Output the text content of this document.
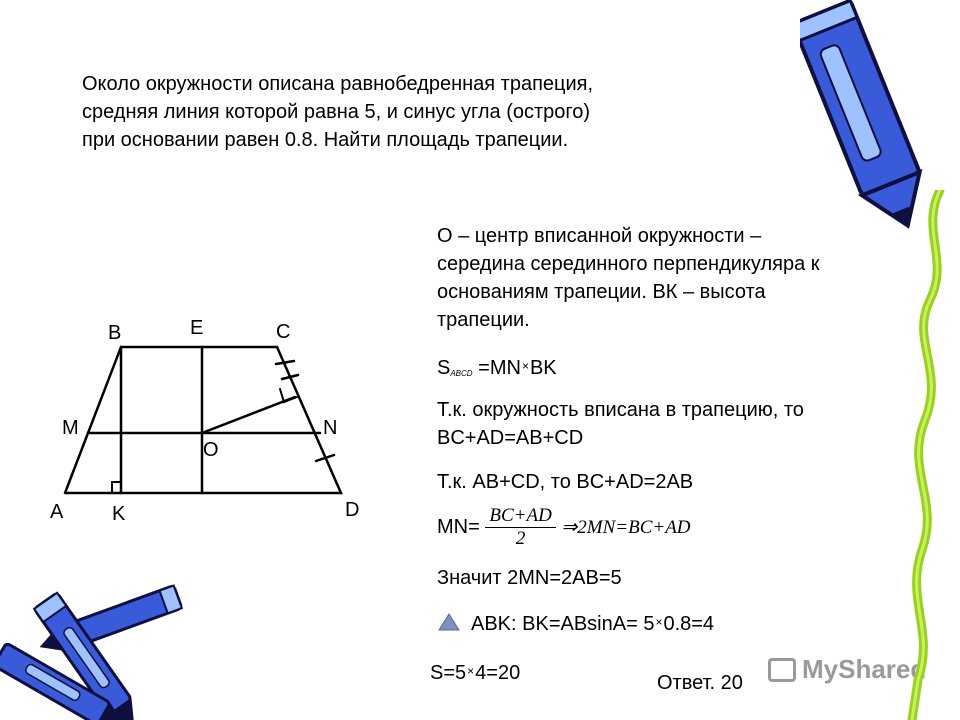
Около окружности описана равнобедренная трапеция,
средняя линия которой равна 5, и синус угла (острого)
при основании равен 0.8. Найти площадь трапеции.
О – центр вписанной окружности –
середина серединного перпендикуляра к
основаниям трапеции. ВК – высота
трапеции.
$S_{ABCD} =MN^\times BK$
Т.к. окружность вписана в трапецию, то
BC+AD=AB+CD
Т.к. AB+CD, то BC+AD=2AB
$MN= \frac{BC+AD}{2}$ ⇒2MN=BC+AD
Значит 2MN=2AB=5
ABK: BK=ABsinA= 5×0.8=4
S=5×4=20	Ответ. 20	MyShared
B	E	C
M
O
N
A K	D
